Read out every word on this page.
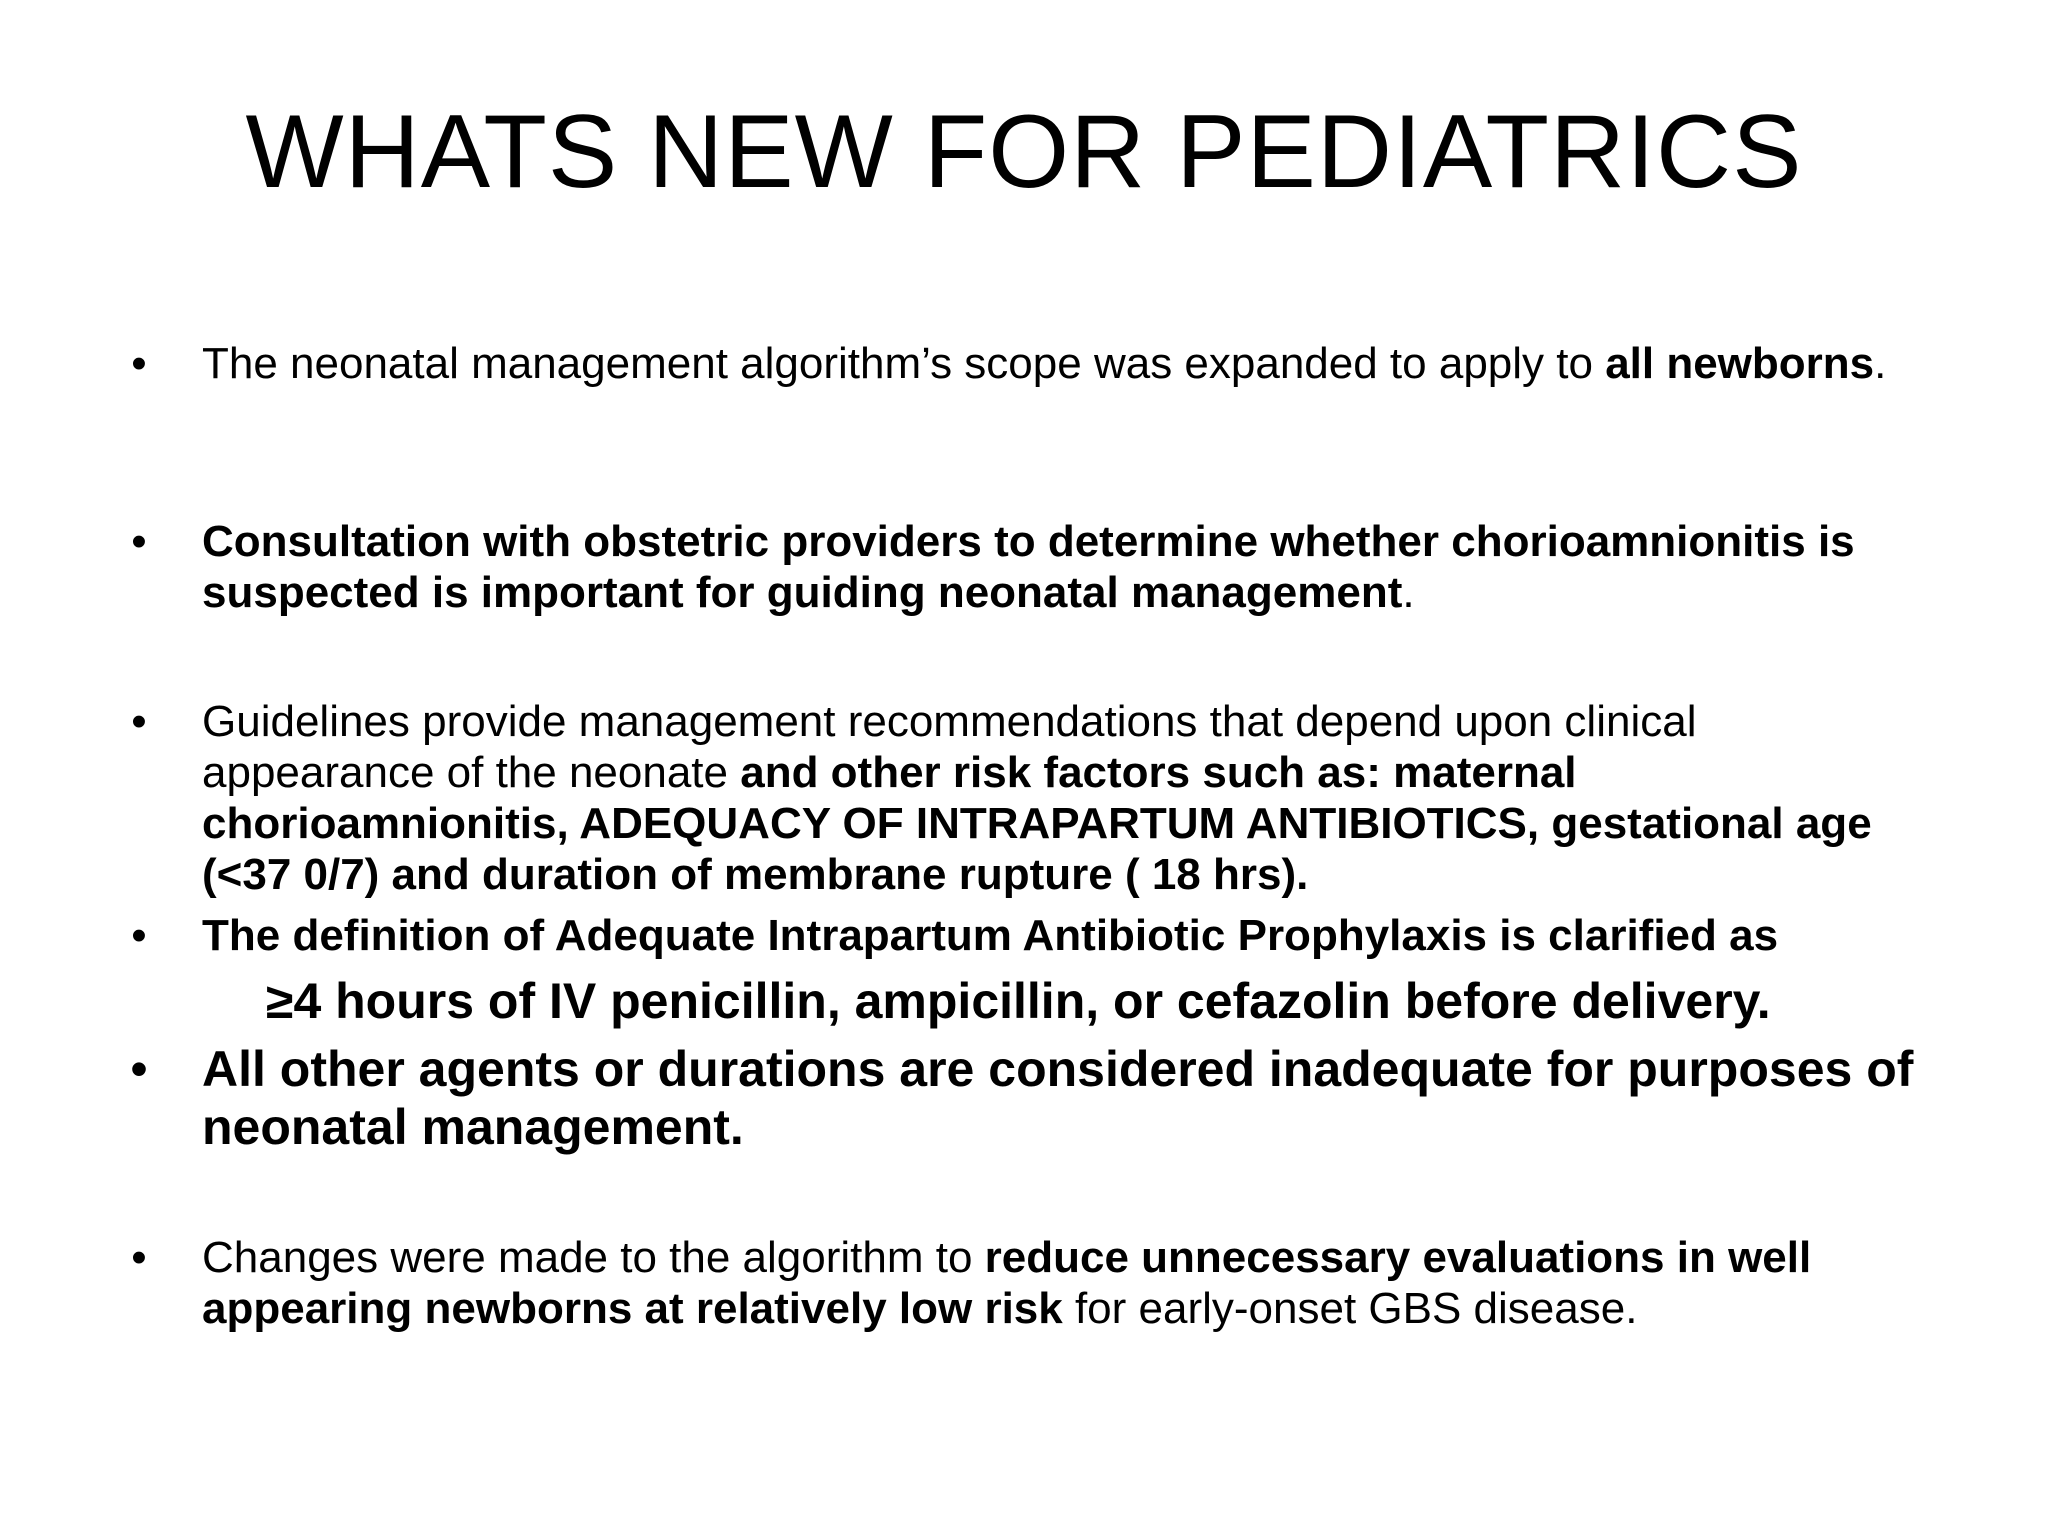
WHATS NEW FOR PEDIATRICS
• The neonatal management algorithm’s scope was expanded to apply to all newborns.
• Consultation with obstetric providers to determine whether chorioamnionitis is suspected is important for guiding neonatal management.
• Guidelines provide management recommendations that depend upon clinical appearance of the neonate and other risk factors such as: maternal chorioamnionitis, ADEQUACY OF INTRAPARTUM ANTIBIOTICS, gestational age (<37 0/7) and duration of membrane rupture ( 18 hrs).
• The definition of Adequate Intrapartum Antibiotic Prophylaxis is clarified as
≥4 hours of IV penicillin, ampicillin, or cefazolin before delivery.
• All other agents or durations are considered inadequate for purposes of neonatal management.
• Changes were made to the algorithm to reduce unnecessary evaluations in well appearing newborns at relatively low risk for early-onset GBS disease.
